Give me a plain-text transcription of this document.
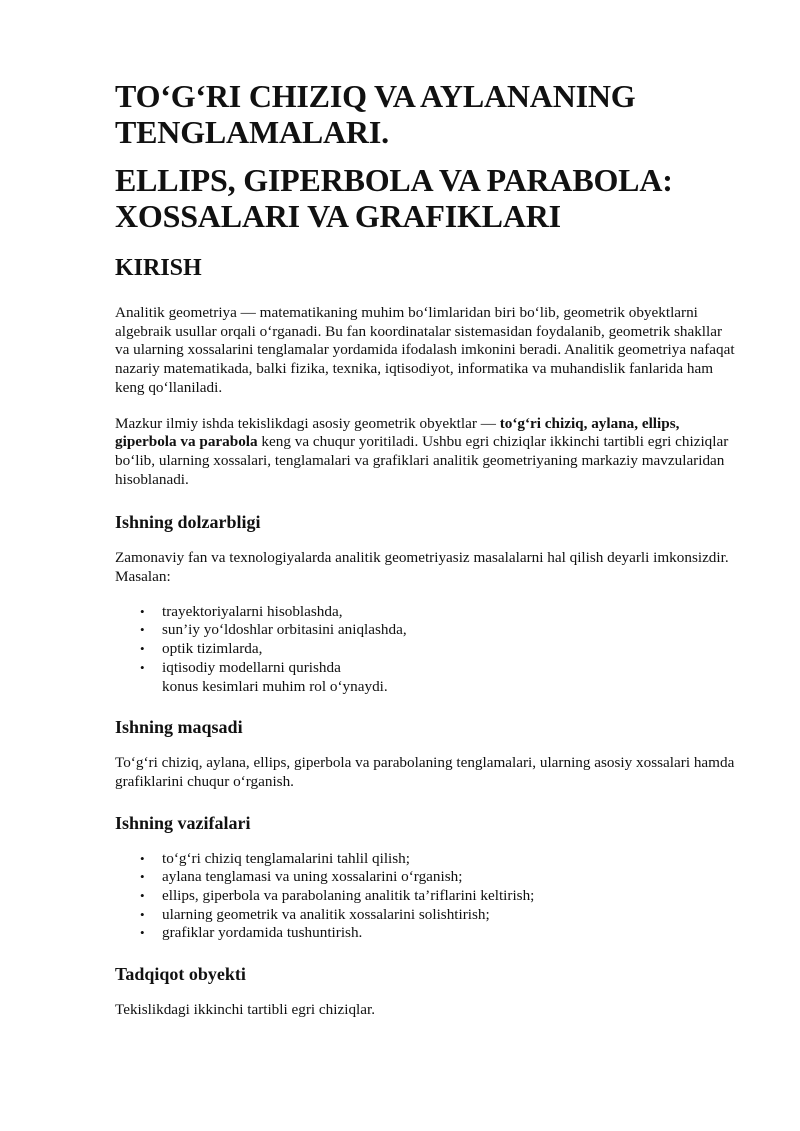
TO‘G‘RI CHIZIQ VA AYLANANING
TENGLAMALARI.
ELLIPS, GIPERBOLA VA PARABOLA:
XOSSALARI VA GRAFIKLARI
KIRISH

Analitik geometriya — matematikaning muhim bo‘limlaridan biri bo‘lib, geometrik obyektlarni algebraik usullar orqali o‘rganadi. Bu fan koordinatalar sistemasidan foydalanib, geometrik shakllar va ularning xossalarini tenglamalar yordamida ifodalash imkonini beradi. Analitik geometriya nafaqat nazariy matematikada, balki fizika, texnika, iqtisodiyot, informatika va muhandislik fanlarida ham keng qo‘llaniladi.

Mazkur ilmiy ishda tekislikdagi asosiy geometrik obyektlar — to‘g‘ri chiziq, aylana, ellips, giperbola va parabola keng va chuqur yoritiladi. Ushbu egri chiziqlar ikkinchi tartibli egri chiziqlar bo‘lib, ularning xossalari, tenglamalari va grafiklari analitik geometriyaning markaziy mavzularidan hisoblanadi.

Ishning dolzarbligi

Zamonaviy fan va texnologiyalarda analitik geometriyasiz masalalarni hal qilish deyarli imkonsizdir. Masalan:

• trayektoriyalarni hisoblashda,
• sun’iy yo‘ldoshlar orbitasini aniqlashda,
• optik tizimlarda,
• iqtisodiy modellarni qurishda
konus kesimlari muhim rol o‘ynaydi.
Ishning maqsadi

To‘g‘ri chiziq, aylana, ellips, giperbola va parabolaning tenglamalari, ularning asosiy xossalari hamda grafiklarini chuqur o‘rganish.

Ishning vazifalari
• to‘g‘ri chiziq tenglamalarini tahlil qilish;
• aylana tenglamasi va uning xossalarini o‘rganish;
• ellips, giperbola va parabolaning analitik ta’riflarini keltirish;
• ularning geometrik va analitik xossalarini solishtirish;
• grafiklar yordamida tushuntirish.
Tadqiqot obyekti

Tekislikdagi ikkinchi tartibli egri chiziqlar.
